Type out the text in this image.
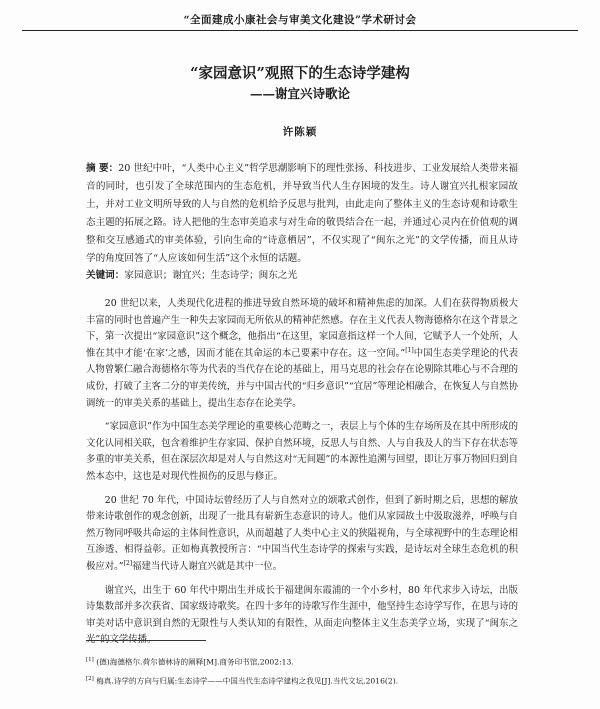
“全面建成小康社会与审美文化建设”学术研讨会
“家园意识”观照下的生态诗学建构
——谢宜兴诗歌论
许陈颖
摘 要：20 世纪中叶，“人类中心主义”哲学思潮影响下的理性张扬、科技进步、工业发展给人类带来福音的同时，也引发了全球范围内的生态危机，并导致当代人生存困境的发生。诗人谢宜兴扎根家园故土，并对工业文明所导致的人与自然的危机给予反思与批判，由此走向了整体主义的生态诗观和诗歌生态主题的拓展之路。诗人把他的生态审美追求与对生命的敬畏结合在一起，并通过心灵内在价值观的调整和交互感通式的审美体验，引向生命的“诗意栖居”，不仅实现了“闽东之光”的文学传播，而且从诗学的角度回答了“人应该如何生活”这个永恒的话题。
关键词：家园意识；谢宜兴；生态诗学；闽东之光

20 世纪以来，人类现代化进程的推进导致自然环境的破坏和精神焦虑的加深。人们在获得物质极大丰富的同时也普遍产生一种失去家园而无所依从的精神茫然感。存在主义代表人物海德格尔在这个背景之下，第一次提出“家园意识”这个概念，他指出“在这里，家园意指这样一个人间，它赋予人一个处所，人惟在其中才能‘在家’之感，因而才能在其命运的本己要素中存在。这一空间。”[1]中国生态美学理论的代表人物曾繁仁融合海德格尔等为代表的当代存在论的基础上，用马克思的社会存在论剔除其唯心与不合理的成份，打破了主客二分的审美传统，并与中国古代的“归乡意识”“宜居”等理论相融合，在恢复人与自然协调统一的审美关系的基础上，提出生态存在论美学。

“家园意识”作为中国生态美学理论的重要核心范畴之一，表层上与个体的生存场所及在其中所形成的文化认同相关联，包含着维护生存家园、保护自然环境，反思人与自然、人与自我及人的当下存在状态等多重的审美关系，但在深层次却是对人与自然这对“无间题”的本源性追溯与回望，即让万事万物回归到自然本态中，这也是对现代性损伤的反思与修正。

20 世纪 70 年代，中国诗坛曾经历了人与自然对立的颂歌式创作，但到了新时期之后，思想的解放带来诗歌创作的观念创新，出现了一批具有崭新生态意识的诗人。他们从家园故土中汲取滋养，呼唤与自然万物同呼吸共命运的主体间性意识，从而超越了人类中心主义的狭隘视角，与全球视野中的生态理论相互渗透、相得益彰。正如梅真教授所言：“中国当代生态诗学的探索与实践，是诗坛对全球生态危机的积极应对。”[2]福建当代诗人谢宜兴就是其中一位。

谢宜兴，出生于 60 年代中期出生并成长于福建闽东霞浦的一个小乡村，80 年代求步入诗坛，出版诗集数部并多次获省、国家级诗歌奖。在四十多年的诗歌写作生涯中，他坚持生态诗学写作，在思与诗的审美对话中意识到自然的无限性与人类认知的有限性，从面走向整体主义生态美学立场，实现了“闽东之光”的文学传播。

[1] (德)海德格尔.荷尔德林诗的阐释[M].商务印书馆,2002:13.
[2] 梅真.诗学的方向与归属:生态诗学——中国当代生态诗学建构之我见[J].当代文坛,2016(2).
